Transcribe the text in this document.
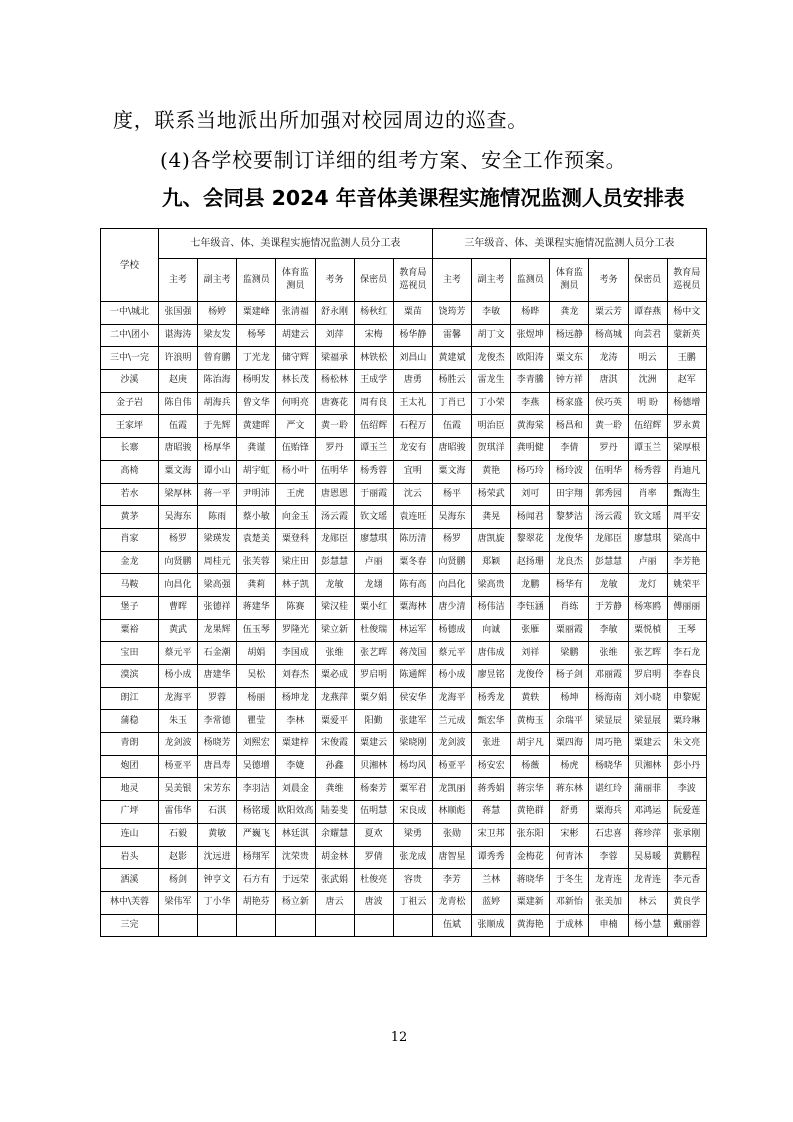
度，联系当地派出所加强对校园周边的巡查。
(4)各学校要制订详细的组考方案、安全工作预案。
九、会同县 2024 年音体美课程实施情况监测人员安排表
学校	七年级音、体、美课程实施情况监测人员分工表							三年级音、体、美课程实施情况监测人员分工表						
	主考	副主考	监测员	体育监测员	考务	保密员	教育局巡视员	主考	副主考	监测员	体育监测员	考务	保密员	教育局巡视员
一中\城北	张国强	杨婷	粟建峰	张清福	舒永刚	杨秋红	粟苗	饶筠芳	李敏	杨晔	龚龙	粟云芳	谭春燕	杨中文
二中\团小	谌海涛	梁友发	杨琴	胡建云	刘萍	宋梅	杨华静	雷馨	胡丁文	张煜坤	杨远静	杨高城	向芸君	蒙新英
三中\一完	许浪明	曾育鹏	丁光龙	储守辉	梁福承	林铁松	刘昌山	黄建斌	龙俊杰	欧阳涛	粟文东	龙涛	明云	王鹏
沙溪	赵庚	陈治海	杨明发	林长茂	杨松林	王成学	唐勇	杨胜云	雷龙生	李青騰	钟方祥	唐淇	沈洲	赵军
金子岩	陈自伟	胡海兵	曾文华	何明亮	唐赛花	周有良	王太礼	丁肖已	丁小荣	李燕	杨家盛	侯巧英	明 盼	杨德增
王家坪	伍霞	于先辉	黄建晖	严文	黄一聆	伍绍辉	石程万	伍霞	明治臣	黄海棠	杨昌和	黄一聆	伍绍辉	罗永黄
长寨	唐昭骏	杨厚华	龚谨	伍贻锋	罗丹	谭玉兰	龙安有	唐昭骏	贺琪洋	龚明健	李倩	罗丹	谭玉兰	梁厚根
高椅	粟文海	谭小山	胡宇虹	杨小叶	伍明华	杨秀蓉	宜明	粟文海	黄艳	杨巧玲	杨玲波	伍明华	杨秀蓉	肖迪凡
若水	梁厚林	蒋一平	尹明沛	王虎	唐恩恩	于丽霞	沈云	杨平	杨荣武	刘可	田宇翔	郭秀园	肖率	甄海生
黄茅	吴海东	陈雨	蔡小敏	向金玉	汤云霞	钦文瑶	袁连旺	吴海东	龚晃	杨闻君	黎梦洁	汤云霞	钦文瑶	周平安
肖家	杨罗	梁瑛发	袁楚美	粟登科	龙郧臣	廖慧琪	陈历清	杨罗	唐凯旋	黎翠花	龙俊华	龙郧臣	廖慧琪	梁高中
金龙	向贤鹏	周桂元	张芙蓉	梁庄田	彭慧慧	卢丽	粟冬春	向贤鹏	郑颖	赵扬珊	龙良杰	彭慧慧	卢丽	李芳艳
马鞍	向昌化	梁高强	龚莉	林子凯	龙敏	龙翃	陈有高	向昌化	梁高贵	龙鹏	杨华有	龙敏	龙灯	姚荣平
堡子	曹晖	张德祥	蒋建华	陈赛	梁汉桂	粟小红	粟海林	唐少清	杨伟洁	李钰涵	肖练	于芳静	杨寒鸥	傅丽丽
粟裕	黄武	龙果辉	伍玉琴	罗隆光	梁立新	杜俊瑞	林运军	杨德成	向诚	张雁	粟丽霞	李敏	粟悦楨	王琴
宝田	蔡元平	石金潮	胡娟	李国成	张维	张艺晖	蒋茂国	蔡元平	唐伟成	刘祥	梁鹏	张维	张艺晖	李石龙
漠滨	杨小成	唐建华	吴松	刘春杰	粟必成	罗启明	陈通辉	杨小成	廖昱铭	龙俊伶	杨子剑	邓丽霞	罗启明	李春良
朗江	龙海平	罗蓉	杨丽	杨坤龙	龙燕萍	粟夕娟	侯安华	龙海平	杨秀龙	黄轶	杨坤	杨海南	刘小晓	申黎妮
蒲稳	朱玉	李常德	瞿莹	李林	粟爱平	阳勤	张建军	兰元成	甄宏华	黄梅玉	余瑞平	梁显辰	梁显展	粟玲琳
青朗	龙剑波	杨晓芳	刘熙宏	粟建梓	宋俊霞	粟建云	梁晓刚	龙剑波	张进	胡宇凡	粟四海	周巧艳	粟建云	朱文亮
炮团	杨亚平	唐昌寿	吴德增	李婕	孙鑫	贝湘林	杨均风	杨亚平	杨安宏	杨薇	杨虎	杨晓华	贝湘林	彭小丹
地灵	吴美银	宋芳东	李羽洁	刘晨金	龚维	杨秦芳	粟军君	龙凯丽	蒋秀娟	蒋宗华	蒋东林	谌红玲	蒲丽菲	李波
广坪	雷伟华	石淇	杨铭瑷	欧阳效高	陆姜斐	伍明慧	宋良成	林顺彪	蒋慧	黄艳群	舒勇	粟海兵	邓鸿运	阮爱莲
连山	石毅	黄敏	严巍飞	林廷淇	余耀慧	夏欢	梁勇	张勋	宋卫邦	张东阳	宋彬	石忠喜	蒋珍萍	张承刚
岩头	赵影	沈远进	杨翔军	沈荣贵	胡金林	罗倩	张龙成	唐智星	谭秀秀	金梅花	何青沐	李蓉	吴易暖	黄鹏程
洒溪	杨剑	钟亨文	石方有	于远荣	张武娟	杜俊亮	容贵	李芳	兰林	蒋晓华	于冬生	龙青连	龙青连	李元香
林中\芙蓉	梁伟军	丁小华	胡艳芬	杨立新	唐云	唐波	丁祖云	龙青松	蓝婷	粟建新	邓新怡	张美加	林云	黄良学
三完								伍斌	张顺成	黄海艳	于成林	申楠	杨小慧	戴丽蓉
12
